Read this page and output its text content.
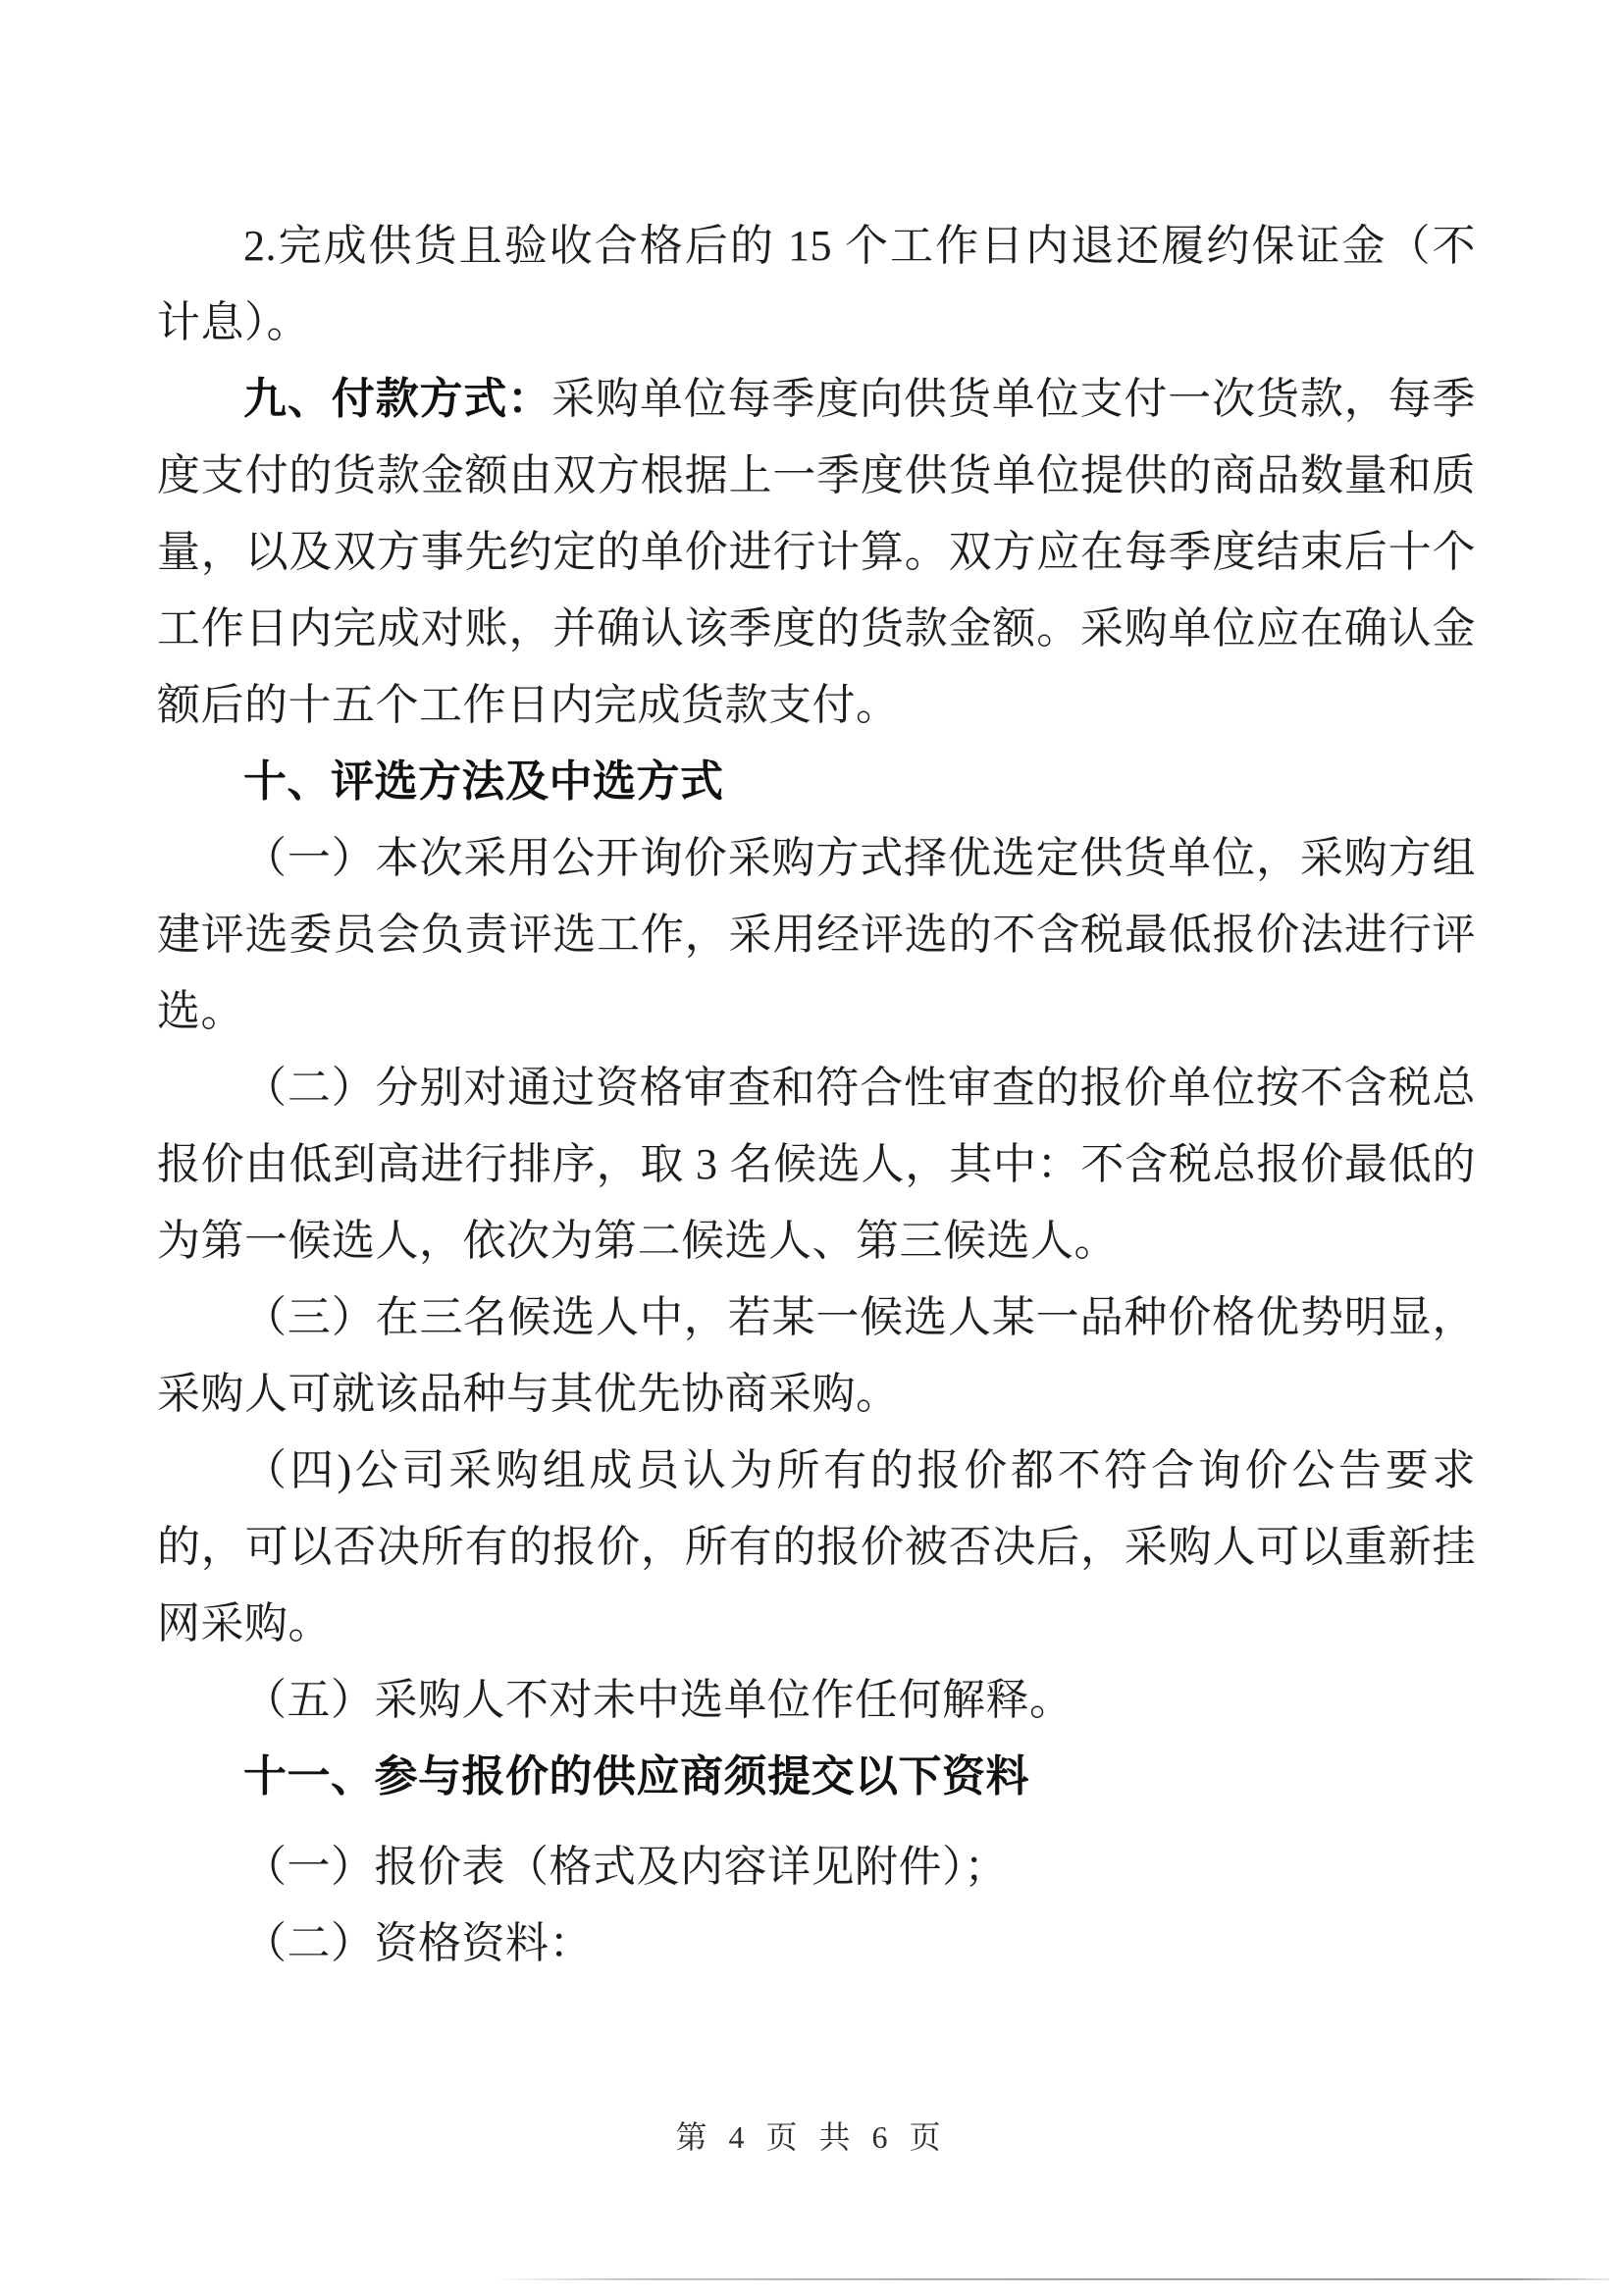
2.完成供货且验收合格后的 15 个工作日内退还履约保证金（不计息）。

九、付款方式：采购单位每季度向供货单位支付一次货款，每季度支付的货款金额由双方根据上一季度供货单位提供的商品数量和质量，以及双方事先约定的单价进行计算。双方应在每季度结束后十个工作日内完成对账，并确认该季度的货款金额。采购单位应在确认金额后的十五个工作日内完成货款支付。

十、评选方法及中选方式

（一）本次采用公开询价采购方式择优选定供货单位，采购方组建评选委员会负责评选工作，采用经评选的不含税最低报价法进行评选。

（二）分别对通过资格审查和符合性审查的报价单位按不含税总报价由低到高进行排序，取 3 名候选人，其中：不含税总报价最低的为第一候选人，依次为第二候选人、第三候选人。

（三）在三名候选人中，若某一候选人某一品种价格优势明显，采购人可就该品种与其优先协商采购。

（四)公司采购组成员认为所有的报价都不符合询价公告要求的，可以否决所有的报价，所有的报价被否决后，采购人可以重新挂网采购。

（五）采购人不对未中选单位作任何解释。

十一、参与报价的供应商须提交以下资料

（一）报价表（格式及内容详见附件）；

（二）资格资料：

第 4 页 共 6 页
